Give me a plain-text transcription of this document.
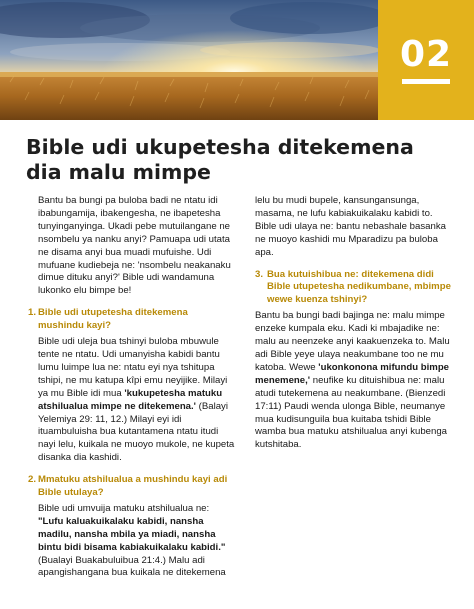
02
Bible udi ukupetesha ditekemena dia malu mimpe

Bantu ba bungi pa buloba badi ne ntatu idi ibabungamija, ibakengesha, ne ibapetesha tunyinganyinga. Ukadi pebe mutuilangane ne nsombelu ya nanku anyi? Pamuapa udi utata ne disama anyi bua muadi mufuishe. Udi mufuane kudiebeja ne: 'nsombelu neakanaku dimue dituku anyi?' Bible udi wandamuna lukonko elu bimpe be!

1. Bible udi utupetesha ditekemena mushindu kayi?

Bible udi uleja bua tshinyi buloba mbuwule tente ne ntatu. Udi umanyisha kabidi bantu lumu luimpe lua ne: ntatu eyi nya tshitupa tshipi, ne mu katupa kîpi emu neyijike. Milayi ya mu Bible idi mua 'kukupetesha matuku atshilualua mimpe ne ditekemena.' (Balayi Yelemiya 29: 11, 12.) Milayi eyi idi ituambuluisha bua kutantamena ntatu itudi nayi lelu, kuikala ne muoyo mukole, ne kupeta disanka dia kashidi.

2. Mmatuku atshilualua a mushindu kayi adi Bible utulaya?

Bible udi umvuija matuku atshilualua ne: "Lufu kaluakuikalaku kabidi, nansha madilu, nansha mbila ya miadi, nansha bintu bidi bisama kabiakuikalaku kabidi." (Bualayi Buakabuluibua 21:4.) Malu adi apangishangana bua kuikala ne ditekemena

lelu bu mudi bupele, kansungansunga, masama, ne lufu kabiakuikalaku kabidi to. Bible udi ulaya ne: bantu nebashale basanka ne muoyo kashidi mu Mparadizu pa buloba apa.

3. Bua kutuishibua ne: ditekemena didi Bible utupetesha nedikumbane, mbimpe wewe kuenza tshinyi?

Bantu ba bungi badi bajinga ne: malu mimpe enzeke kumpala eku. Kadi ki mbajadike ne: malu au neenzeke anyi kaakuenzeka to. Malu adi Bible yeye ulaya neakumbane too ne mu katoba. Wewe 'ukonkonona mifundu bimpe menemene,' neufike ku dituishibua ne: malu atudi tutekemena au neakumbane. (Bienzedi 17:11) Paudi wenda ulonga Bible, neumanye mua kudisunguila bua kuitaba tshidi Bible wamba bua matuku atshilualua anyi kubenga kutshitaba.
